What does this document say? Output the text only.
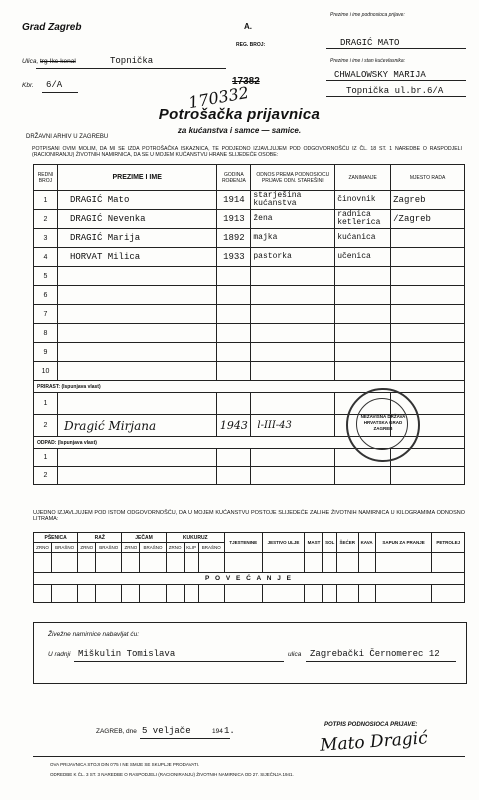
Grad Zagreb	A.
REG. BROJ:
Prezime i ime podnosioca prijave:
DRAGIĆ MATO
Prezime i ime i stan kućevlasnika:
CHWALOWSKY MARIJA
Topnička ul.br.6/A
Ulica, trg-Ikc-kenal	Topnička
Kbr. 6/A	17382
170332
Potrošačka prijavnica
za kućanstva i samce — samice.
DRŽAVNI ARHIV U ZAGREBU
POTPISANI OVIM MOLIM, DA MI SE IZDA POTROŠAČKA ISKAZNICA, TE PODJEDNO IZJAVLJUJEM POD ODGOVORNOŠĆU IZ ČL. 18 ST. 1 NAREDBE O RASPODJELI (RACIONIRANJU) ŽIVOTNIH NAMIRNICA, DA SE U MOJEM KUĆANSTVU HRANE SLIJEDEĆE OSOBE:
REDNI BROJ	PREZIME I IME	GODINA ROĐENJA	ODNOS PREMA PODNOSIOCU PRIJAVE ODN. STAREŠINI	ZANIMANJE	MJESTO RADA
1	DRAGIĆ Mato	1914	starješina kućanstva	činovnik	Zagreb
2	DRAGIĆ Nevenka	1913	žena	radnica ketlerica	/Zagreb
3	DRAGIĆ Marija	1892	majka	kućanica	
4	HORVAT Milica	1933	pastorka	učenica	
5					
6					
7					
8					
9					
10					
PRIRAST: (Ispunjava vlast)					
1					
2	Dragić Mirjana	1943	l-III-43		
ODPAD: (Ispunjava vlast)					
1					
2					
NEZAVISNA DRŽAVA HRVATSKA GRAD ZAGREB
UJEDNO IZJAVLJUJEM POD ISTOM ODGOVORNOŠĆU, DA U MOJEM KUĆANSTVU POSTOJE SLIJEDEĆE ZALIHE ŽIVOTNIH NAMIRNICA U KILOGRAMIMA ODNOSNO LITRAMA:
PŠENICA		RAŽ		JEČAM		KUKURUZ			TJESTENINE	JESTIVO ULJE	MAST	SOL	ŠEĆER	KAVA	SAPUN ZA PRANJE	PETROLEJ
ZRNO	BRAŠNO	ZRNO	BRAŠNO	ZRNO	BRAŠNO	ZRNO	KLIP	BRAŠNO								

P O V E Ć A N J E																

Živežne namirnice nabavljat ću:
U radnji Miškulin Tomislava	ulica Zagrebački Černomerec 12
ZAGREB, dne 5 veljače	194 1.
POTPIS PODNOSIOCA PRIJAVE:
Mato Dragić
OVA PRIJAVNICA STOJI DIN 0'75 I NE SMIJE SE SKUPLJE PRODAVATI.
ODREDBE K ČL. 3 ST. 3 NAREDBE O RASPODJELI (RACIONIRANJU) ŽIVOTNIH NAMIRNICA OD 27. SIJEČNJA 1941.
